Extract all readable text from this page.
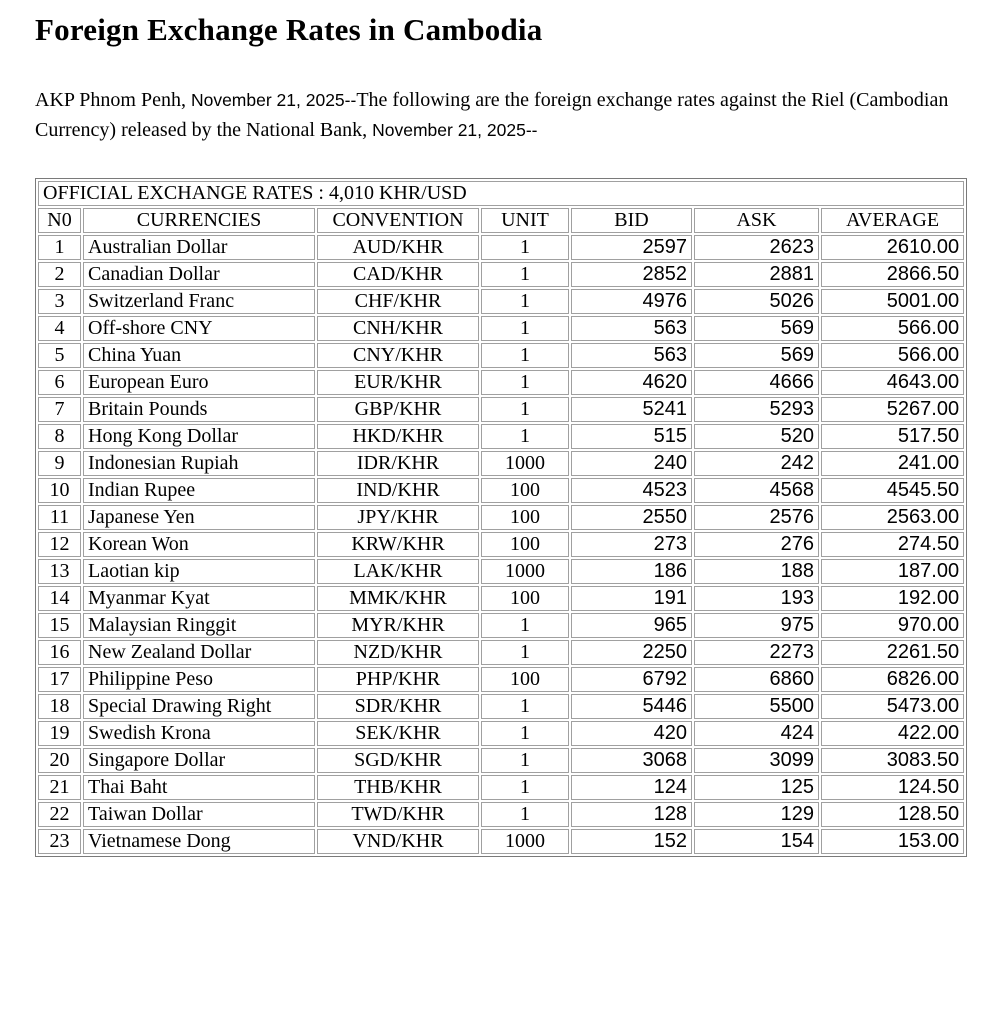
Foreign Exchange Rates in Cambodia

AKP Phnom Penh, November 21, 2025--The following are the foreign exchange rates against the Riel (Cambodian Currency) released by the National Bank, November 21, 2025--

OFFICIAL EXCHANGE RATES : 4,010 KHR/USD						
N0	CURRENCIES	CONVENTION	UNIT	BID	ASK	AVERAGE
1	Australian Dollar	AUD/KHR	1	2597	2623	2610.00
2	Canadian Dollar	CAD/KHR	1	2852	2881	2866.50
3	Switzerland Franc	CHF/KHR	1	4976	5026	5001.00
4	Off-shore CNY	CNH/KHR	1	563	569	566.00
5	China Yuan	CNY/KHR	1	563	569	566.00
6	European Euro	EUR/KHR	1	4620	4666	4643.00
7	Britain Pounds	GBP/KHR	1	5241	5293	5267.00
8	Hong Kong Dollar	HKD/KHR	1	515	520	517.50
9	Indonesian Rupiah	IDR/KHR	1000	240	242	241.00
10	Indian Rupee	IND/KHR	100	4523	4568	4545.50
11	Japanese Yen	JPY/KHR	100	2550	2576	2563.00
12	Korean Won	KRW/KHR	100	273	276	274.50
13	Laotian kip	LAK/KHR	1000	186	188	187.00
14	Myanmar Kyat	MMK/KHR	100	191	193	192.00
15	Malaysian Ringgit	MYR/KHR	1	965	975	970.00
16	New Zealand Dollar	NZD/KHR	1	2250	2273	2261.50
17	Philippine Peso	PHP/KHR	100	6792	6860	6826.00
18	Special Drawing Right	SDR/KHR	1	5446	5500	5473.00
19	Swedish Krona	SEK/KHR	1	420	424	422.00
20	Singapore Dollar	SGD/KHR	1	3068	3099	3083.50
21	Thai Baht	THB/KHR	1	124	125	124.50
22	Taiwan Dollar	TWD/KHR	1	128	129	128.50
23	Vietnamese Dong	VND/KHR	1000	152	154	153.00
